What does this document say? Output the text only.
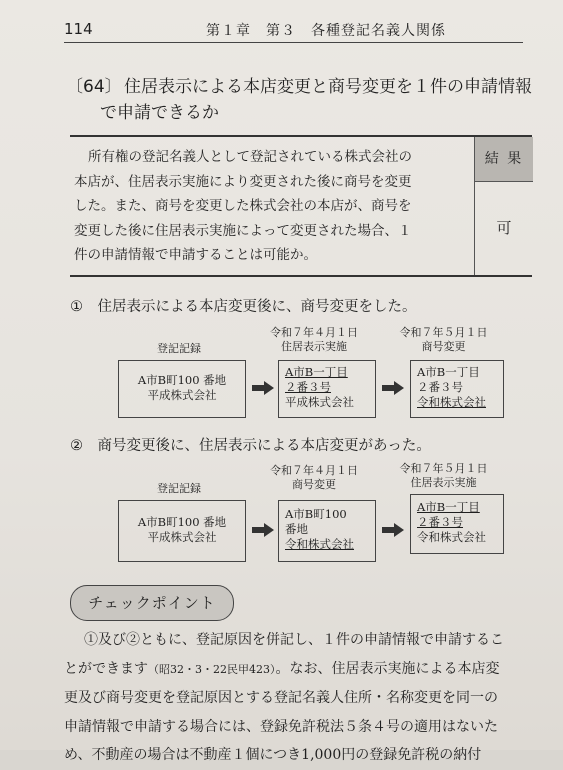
114	第１章　第３　各種登記名義人関係
〔64〕 住居表示による本店変更と商号変更を１件の申請情報
で申請できるか
所有権の登記名義人として登記されている株式会社の
本店が、住居表示実施により変更された後に商号を変更
した。また、商号を変更した株式会社の本店が、商号を
変更した後に住居表示実施によって変更された場合、１
件の申請情報で申請することは可能か。
結 果
可
①　住居表示による本店変更後に、商号変更をした。
登記記録
令和７年４月１日
住居表示実施
令和７年５月１日
商号変更
A市B町100 番地
平成株式会社
A市B一丁目
２番３号
平成株式会社
A市B一丁目
２番３号
令和株式会社
②　商号変更後に、住居表示による本店変更があった。
登記記録
令和７年４月１日
商号変更
令和７年５月１日
住居表示実施
A市B町100 番地
平成株式会社
A市B町100
番地
令和株式会社
A市B一丁目
２番３号
令和株式会社
チェックポイント
①及び②ともに、登記原因を併記し、１件の申請情報で申請するこ
とができます（昭32・3・22民甲423）。なお、住居表示実施による本店変
更及び商号変更を登記原因とする登記名義人住所・名称変更を同一の
申請情報で申請する場合には、登録免許税法５条４号の適用はないた
め、不動産の場合は不動産１個につき1,000円の登録免許税の納付
